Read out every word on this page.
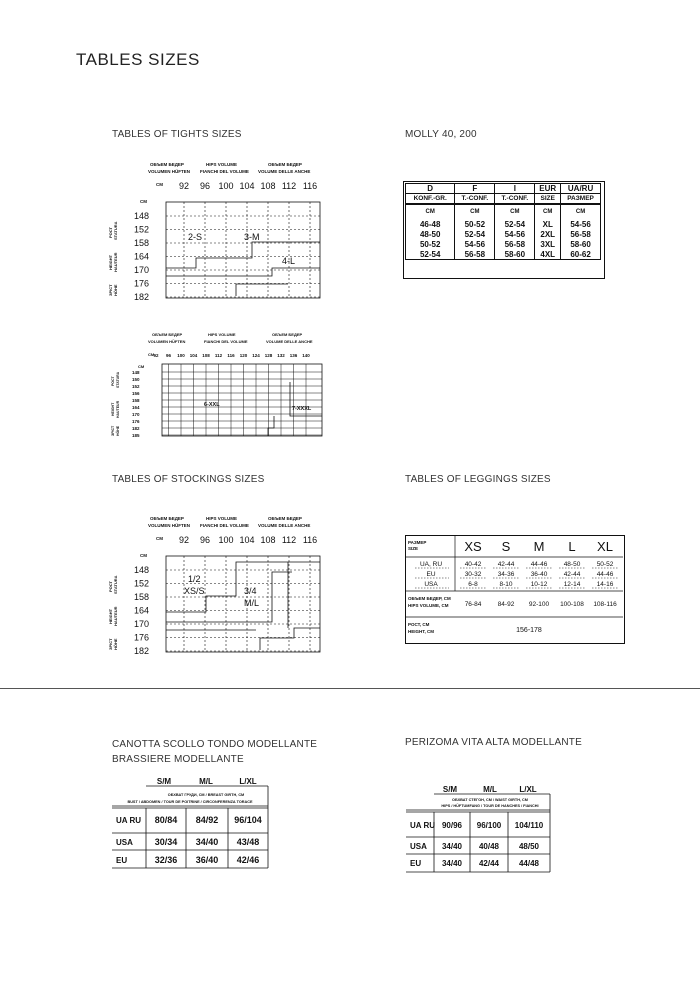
TABLES SIZES
TABLES OF TIGHTS SIZES	MOLLY 40, 200
TABLES OF STOCKINGS SIZES	TABLES OF LEGGINGS SIZES
CANOTTA SCOLLO TONDO MODELLANTE
BRASSIERE MODELLANTE
PERIZOMA VITA ALTA MODELLANTE
ОБЪЕМ БЕДЕР	HIPS VOLUME	ОБЪЕМ БЕДЕР
VOLUMEN HÜFTEN FIANCHI DEL VOLUME VOLUME DELLE ANCHE
CM
CM
92 96 100 104 108 112 116
148
152
158
164
170
176
182
2-S	3-M
4-L
РОСТ STATURA
HEIGHT HAUTEUR
ЗРІСТ HÖHE
ОБЪЕМ БЕДЕР	HIPS VOLUME	ОБЪЕМ БЕДЕР
VOLUMEN HÜFTEN	FIANCHI DEL VOLUME	VOLUME DELLE ANCHE
CM
CM
92 96 100 104 108 112 116 120 124 128 132 136 140
148
150
152
156
158
164
170
176
182
185
6-XXL
7-XXXL
РОСТ STATURA
HEIGHT HAUTEUR
ЗРІСТ HÖHE
ОБЪЕМ БЕДЕР	HIPS VOLUME	ОБЪЕМ БЕДЕР
VOLUMEN HÜFTEN FIANCHI DEL VOLUME VOLUME DELLE ANCHE
CM
CM
92 96 100 104 108 112 116
148
152
158
164
170
176
182
1/2
XS/S	3/4
M/L
РОСТ STATURA
HEIGHT HAUTEUR
ЗРІСТ HÖHE
D	F	I	EUR	UA/RU
KONF.-GR.	T.-CONF.	T.-CONF.	SIZE	РАЗМЕР
CM	CM	CM	CM	CM
46-48	50-52	52-54	XL	54-56
48-50	52-54	54-56	2XL	56-58
50-52	54-56	56-58	3XL	58-60
52-54	56-58	58-60	4XL	60-62
РАЗМЕР
SIZE
ОБЪЕМ БЕДЕР, СМ
HIPS VOLUME, CM
РОСТ, СМ
HEIGHT, CM
XS S M L XL
UA, RU	40-42	42-44	44-46	48-50	50-52
EU	30-32	34-36	36-40	42-44	44-46
USA	6-8	8-10	10-12	12-14	14-16
76-84	84-92 92-100 100-108 108-116
156-178
S/M	M/L	L/XL
ОБХВАТ ГРУДИ, СМ / BREAST GIRTH, CM
BUST / ABDOMEN / TOUR DE POITRINE / CIRCONFERENZA TORACE
UA RU 80/84 84/92 96/104
USA 30/34 34/40 43/48
EU	32/36 36/40 42/46
S/M	M/L	L/XL
ОБХВАТ СТЕГОН, СМ / WAIST GIRTH, CM
HIPS / HÜFTUMFANG / TOUR DE HANCHES / FIANCHI
UA RU 90/96 96/100 104/110
USA 34/40 40/48 48/50
EU	34/40 42/44 44/48
